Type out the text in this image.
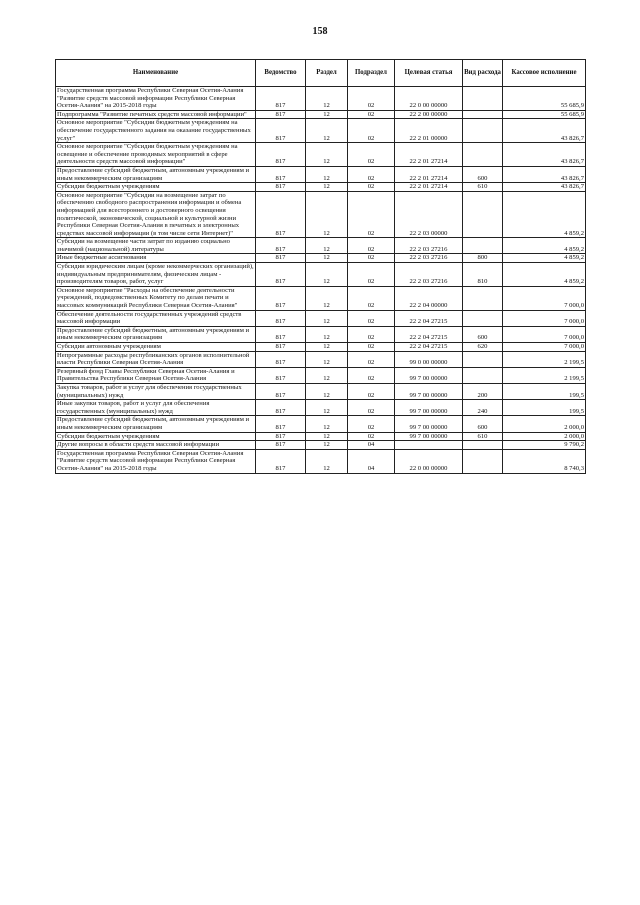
158
Наименование	Ведомство	Раздел	Подраздел	Целевая статья	Вид расхода	Кассовое исполнение
Государственная программа Республики Северная Осетия-Алания "Развитие средств массовой информации Республики Северная Осетия-Алания" на 2015-2018 годы	817	12	02	22 0 00 00000		55 685,9
Подпрограмма "Развитие печатных средств массовой информации"	817	12	02	22 2 00 00000		55 685,9
Основное мероприятие "Субсидии бюджетным учреждениям на обеспечение государственного задания на оказание государственных услуг"	817	12	02	22 2 01 00000		43 826,7
Основное мероприятие "Субсидии бюджетным учреждениям на освещение и обеспечение проводимых мероприятий в сфере деятельности средств массовой информации"	817	12	02	22 2 01 27214		43 826,7
Предоставление субсидий бюджетным, автономным учреждениям и иным некоммерческим организациям	817	12	02	22 2 01 27214	600	43 826,7
Субсидии бюджетным учреждениям	817	12	02	22 2 01 27214	610	43 826,7
Основное мероприятие "Субсидии на возмещение затрат по обеспечению свободного распространения информации и обмена информацией для всестороннего и достоверного освещения политической, экономической, социальной и культурной жизни Республики Северная Осетия-Алания в печатных и электронных средствах массовой информации (в том числе сети Интернет)"	817	12	02	22 2 03 00000		4 859,2
Субсидии на возмещение части затрат по изданию социально значимой (национальной) литературы	817	12	02	22 2 03 27216		4 859,2
Иные бюджетные ассигнования	817	12	02	22 2 03 27216	800	4 859,2
Субсидии юридическим лицам (кроме некоммерческих организаций), индивидуальным предпринимателям, физическим лицам - производителям товаров, работ, услуг	817	12	02	22 2 03 27216	810	4 859,2
Основное мероприятие "Расходы на обеспечение деятельности учреждений, подведомственных Комитету по делам печати и массовых коммуникаций Республики Северная Осетия-Алания"	817	12	02	22 2 04 00000		7 000,0
Обеспечение деятельности государственных учреждений средств массовой информации	817	12	02	22 2 04 27215		7 000,0
Предоставление субсидий бюджетным, автономным учреждениям и иным некоммерческим организациям	817	12	02	22 2 04 27215	600	7 000,0
Субсидии автономным учреждениям	817	12	02	22 2 04 27215	620	7 000,0
Непрограммные расходы республиканских органов исполнительной власти Республики Северная Осетия-Алания	817	12	02	99 0 00 00000		2 199,5
Резервный фонд Главы Республики Северная Осетия-Алания и Правительства Республики Северная Осетия-Алания	817	12	02	99 7 00 00000		2 199,5
Закупка товаров, работ и услуг для обеспечения государственных (муниципальных) нужд	817	12	02	99 7 00 00000	200	199,5
Иные закупки товаров, работ и услуг для обеспечения государственных (муниципальных) нужд	817	12	02	99 7 00 00000	240	199,5
Предоставление субсидий бюджетным, автономным учреждениям и иным некоммерческим организациям	817	12	02	99 7 00 00000	600	2 000,0
Субсидии бюджетным учреждениям	817	12	02	99 7 00 00000	610	2 000,0
Другие вопросы в области средств массовой информации	817	12	04			9 790,2
Государственная программа Республики Северная Осетия-Алания "Развитие средств массовой информации Республики Северная Осетия-Алания" на 2015-2018 годы	817	12	04	22 0 00 00000		8 740,3
